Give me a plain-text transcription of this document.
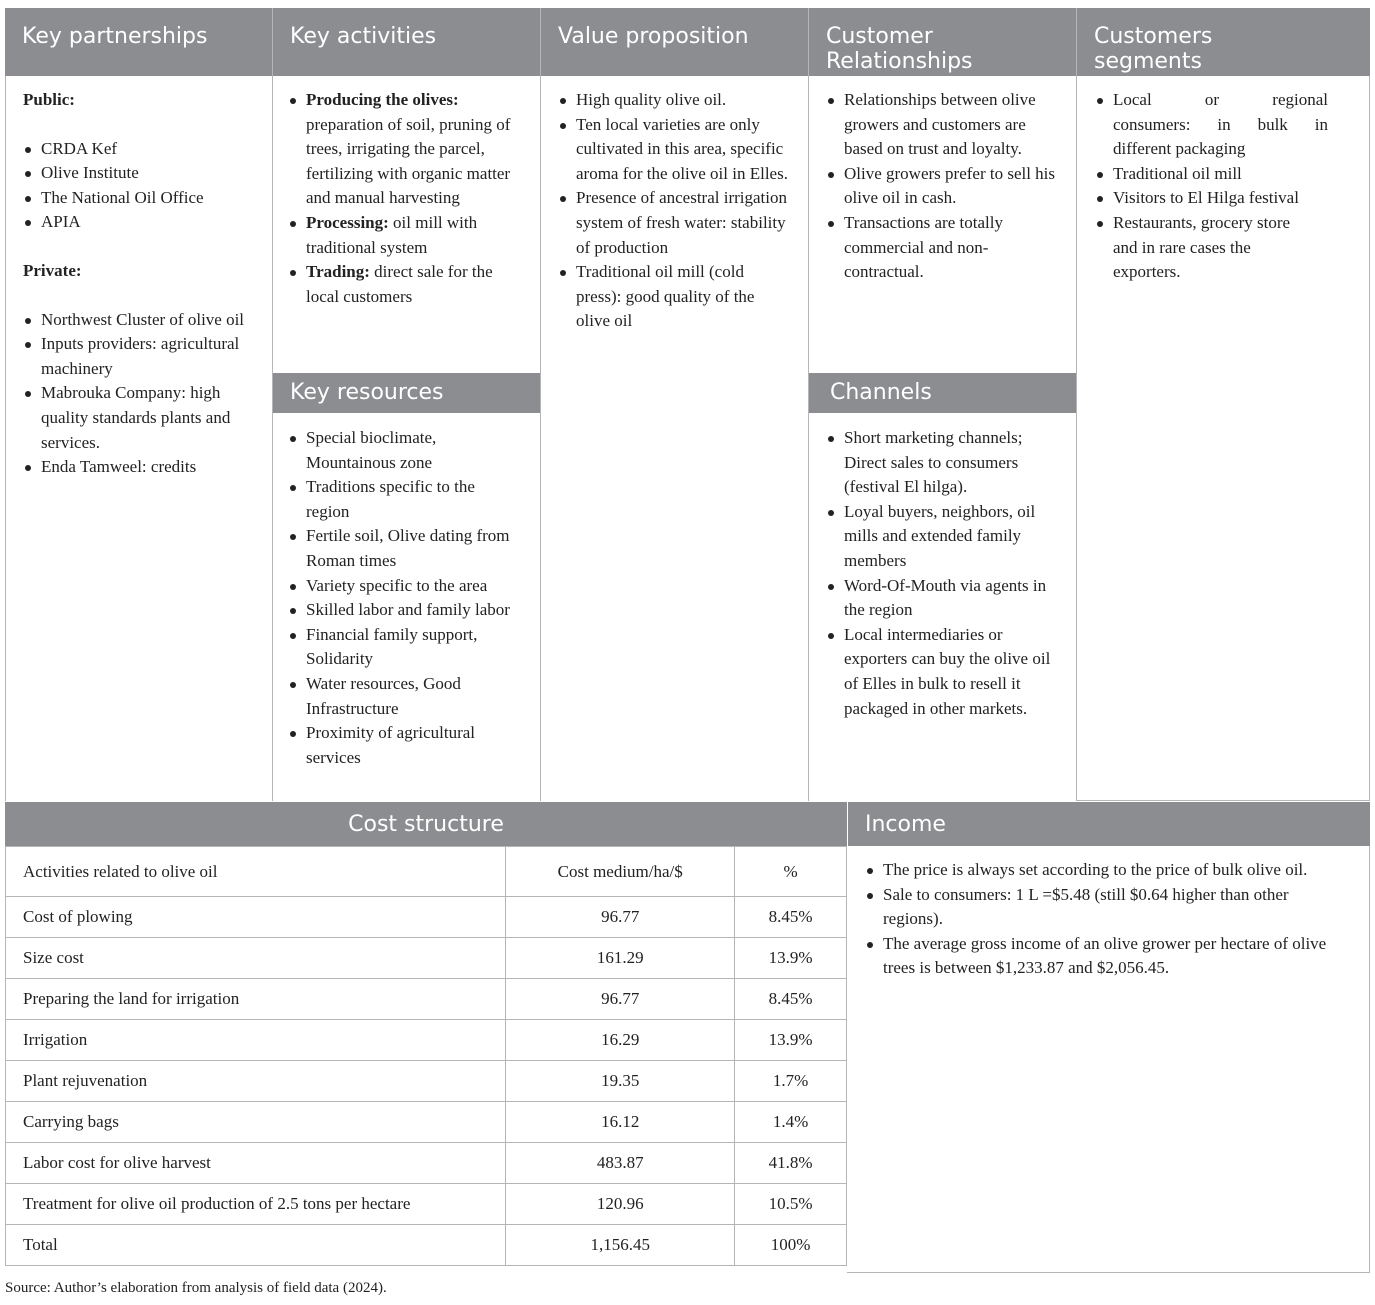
Key partnerships	Key activities	Value proposition	Customer Relationships
Customers segments
Public:
CRDA Kef
Olive Institute
The National Oil Office
APIA
Private:
Northwest Cluster of olive oil
Inputs providers: agricultural machinery
Mabrouka Company: high quality standards plants and services.
Enda Tamweel: credits
Producing the olives: preparation of soil, pruning of trees, irrigating the parcel, fertilizing with organic matter and manual harvesting
Processing: oil mill with traditional system
Trading: direct sale for the local customers
Key resources
Special bioclimate, Mountainous zone
Traditions specific to the region
Fertile soil, Olive dating from Roman times
Variety specific to the area
Skilled labor and family labor
Financial family support, Solidarity
Water resources, Good Infrastructure
Proximity of agricultural services
High quality olive oil.
Ten local varieties are only cultivated in this area, specific aroma for the olive oil in Elles.
Presence of ancestral irrigation system of fresh water: stability of production
Traditional oil mill (cold press): good quality of the olive oil
Relationships between olive growers and customers are based on trust and loyalty.
Olive growers prefer to sell his olive oil in cash.
Transactions are totally commercial and non-contractual.
Channels
Short marketing channels; Direct sales to consumers (festival El hilga).
Loyal buyers, neighbors, oil mills and extended family members
Word-Of-Mouth via agents in the region
Local intermediaries or exporters can buy the olive oil of Elles in bulk to resell it packaged in other markets.
Local or regional
consumers: in bulk in
different packaging
Traditional oil mill
Visitors to El Hilga festival
Restaurants, grocery store and in rare cases the exporters.
Cost structure	Income
Activities related to olive oil	Cost medium/ha/$	%
Cost of plowing	96.77	8.45%
Size cost	161.29	13.9%
Preparing the land for irrigation	96.77	8.45%
Irrigation	16.29	13.9%
Plant rejuvenation	19.35	1.7%
Carrying bags	16.12	1.4%
Labor cost for olive harvest	483.87	41.8%
Treatment for olive oil production of 2.5 tons per hectare	120.96	10.5%
Total	1,156.45	100%
The price is always set according to the price of bulk olive oil.
Sale to consumers: 1 L =$5.48 (still $0.64 higher than other regions).
The average gross income of an olive grower per hectare of olive trees is between $1,233.87 and $2,056.45.
Source: Author’s elaboration from analysis of field data (2024).
